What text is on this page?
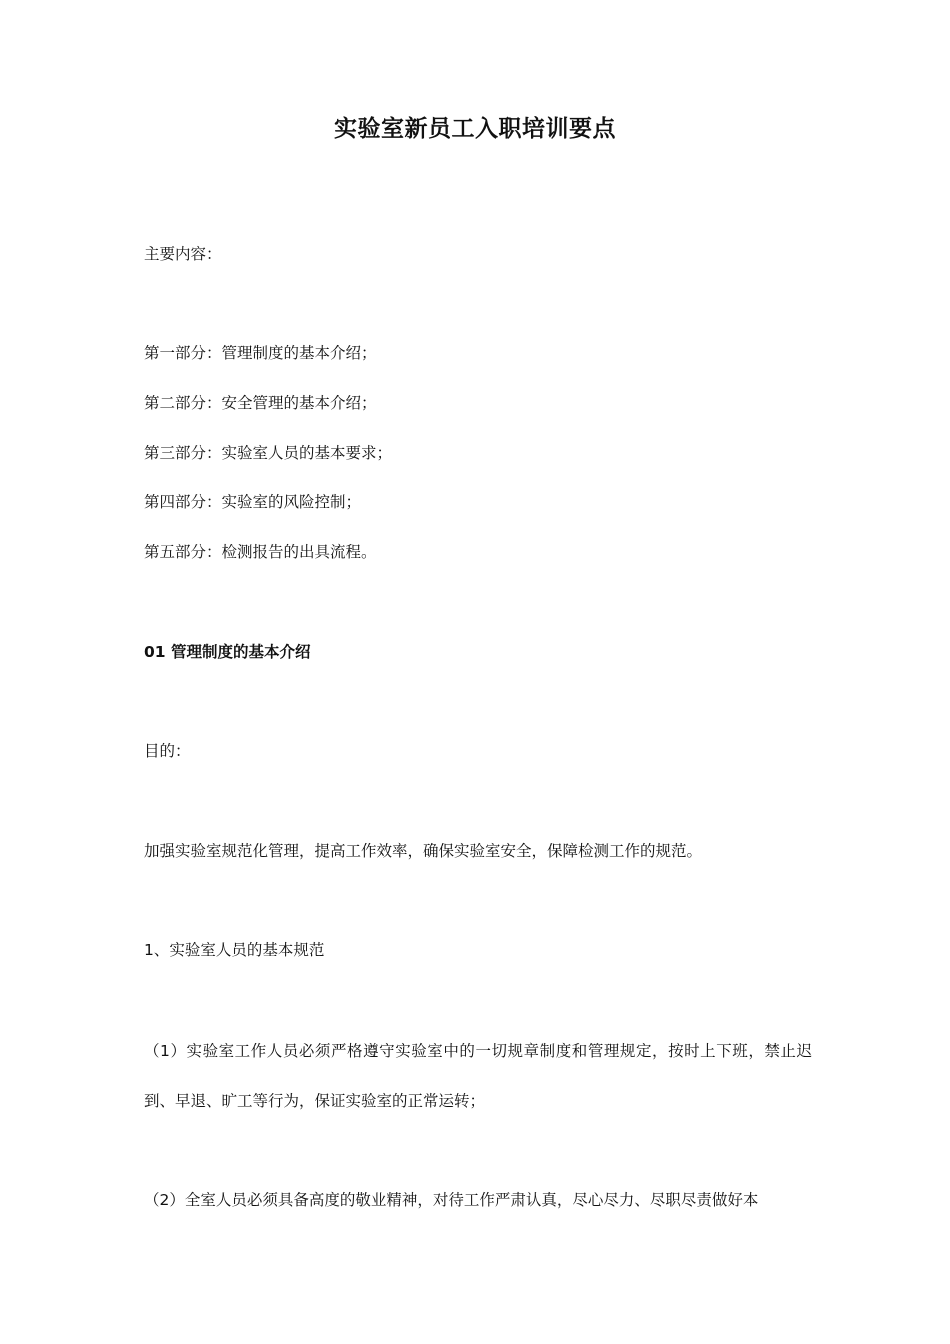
实验室新员工入职培训要点
主要内容：
第一部分：管理制度的基本介绍；
第二部分：安全管理的基本介绍；
第三部分：实验室人员的基本要求；
第四部分：实验室的风险控制；
第五部分：检测报告的出具流程。
01 管理制度的基本介绍
目的：
加强实验室规范化管理，提高工作效率，确保实验室安全，保障检测工作的规范。
1、实验室人员的基本规范
（1）实验室工作人员必须严格遵守实验室中的一切规章制度和管理规定，按时上下班，禁止迟到、早退、旷工等行为，保证实验室的正常运转；
（2）全室人员必须具备高度的敬业精神，对待工作严肃认真，尽心尽力、尽职尽责做好本
